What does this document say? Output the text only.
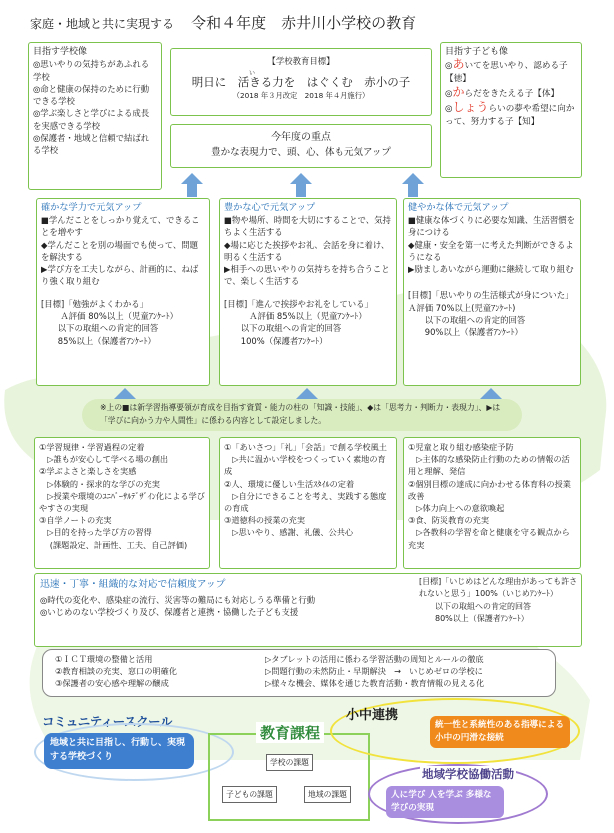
家庭・地域と共に実現する 令和４年度　赤井川小学校の教育
目指す学校像
◎思いやりの気持ちがあふれる学校
◎命と健康の保持のために行動できる学校
◎学ぶ楽しさと学びによる成長を実感できる学校
◎保護者・地域と信頼で結ばれる学校
【学校教育目標】
い
明日に　活きる力を　はぐくむ　赤小の子
（2018 年３月改定　2018 年４月施行）
目指す子ども像
◎あいてを思いやり、認める子【徳】
◎からだをきたえる子【体】
◎しょうらいの夢や希望に向かって、努力する子【知】
今年度の重点
豊かな表現力で、頭、心、体も元気アップ
確かな学力で元気アップ
■学んだことをしっかり覚えて、できることを増やす
◆学んだことを別の場面でも使って、問題を解決する
▶学び方を工夫しながら、計画的に、ねばり強く取り組む
[目標]「勉強がよくわかる」
　　 Ａ評価 80%以上（児童ｱﾝｹｰﾄ）
　　以下の取組への肯定的回答
　　85%以上（保護者ｱﾝｹｰﾄ）
豊かな心で元気アップ
■物や場所、時間を大切にすることで、気持ちよく生活する
◆場に応じた挨拶やお礼、会話を身に着け、明るく生活する
▶相手への思いやりの気持ちを持ち合うことで、楽しく生活する
[目標]「進んで挨拶やお礼をしている」
　　　Ａ評価 85%以上（児童ｱﾝｹｰﾄ）
　　以下の取組への肯定的回答
　　100%（保護者ｱﾝｹｰﾄ）
健やかな体で元気アップ
■健康な体づくりに必要な知識、生活習慣を身につける
◆健康・安全を第一に考えた判断ができるようになる
▶励ましあいながら運動に継続して取り組む
[目標]「思いやりの生活様式が身についた」Ａ評価 70%以上(児童ｱﾝｹｰﾄ)
　　以下の取組への肯定的回答
　　90%以上（保護者ｱﾝｹｰﾄ）
※上の■は新学習指導要領が育成を目指す資質・能力の柱の「知識・技能」、◆は「思考力・判断力・表現力」、▶は「学びに向かう力や人間性」に係わる内容として設定しました。
①学習規律・学習過程の定着
　▷誰もが安心して学べる場の創出
②学ぶよさと楽しさを実感
　▷体験的・探求的な学びの充実
　▷授業や環境のﾕﾆﾊﾞｰｻﾙﾃﾞｻﾞｲﾝ化による学びやすさの実現
③自学ノートの充実
　▷目的を持った学び方の習得
　 (課題設定、計画性、工夫、自己評価)
①「あいさつ」「礼」「会話」で創る学校風土
　▷共に温かい学校をつくっていく素地の育成
②人、環境に優しい生活ｽﾀｲﾙの定着
　▷自分にできることを考え、実践する態度の育成
③道徳科の授業の充実
　▷思いやり、感謝、礼儀、公共心
①児童と取り組む感染症予防
　▷主体的な感染防止行動のための情報の活用と理解、発信
②個別目標の達成に向かわせる体育科の授業改善
　▷体力向上への意欲喚起
③食、防災教育の充実
　▷各教科の学習を命と健康を守る観点から充実
迅速・丁寧・組織的な対応で信頼度アップ
◎時代の変化や、感染症の流行、災害等の難局にも対応しうる準備と行動
◎いじめのない学校づくり及び、保護者と連携・協働した子ども支援
[目標]「いじめはどんな理由があっても許されないと思う」100%（いじめｱﾝｹｰﾄ）
　　以下の取組への肯定的回答
　　80%以上（保護者ｱﾝｹｰﾄ）
①ＩＣＴ環境の整備と活用
②教育相談の充実、窓口の明確化
③保護者の安心感や理解の醸成
▷タブレットの活用に係わる学習活動の周知とルールの徹底
▷問題行動の未然防止・早期解決　→　いじめゼロの学校に
▷様々な機会、媒体を通じた教育活動・教育情報の見える化
コミュニティースクール
地域と共に目指し、行動し、実現する学校づくり
教育課程
学校の課題
子どもの課題	地域の課題
小中連携
統一性と系統性のある指導による小中の円滑な接続
地域学校協働活動
人に学び 人を学ぶ 多様な学びの実現
